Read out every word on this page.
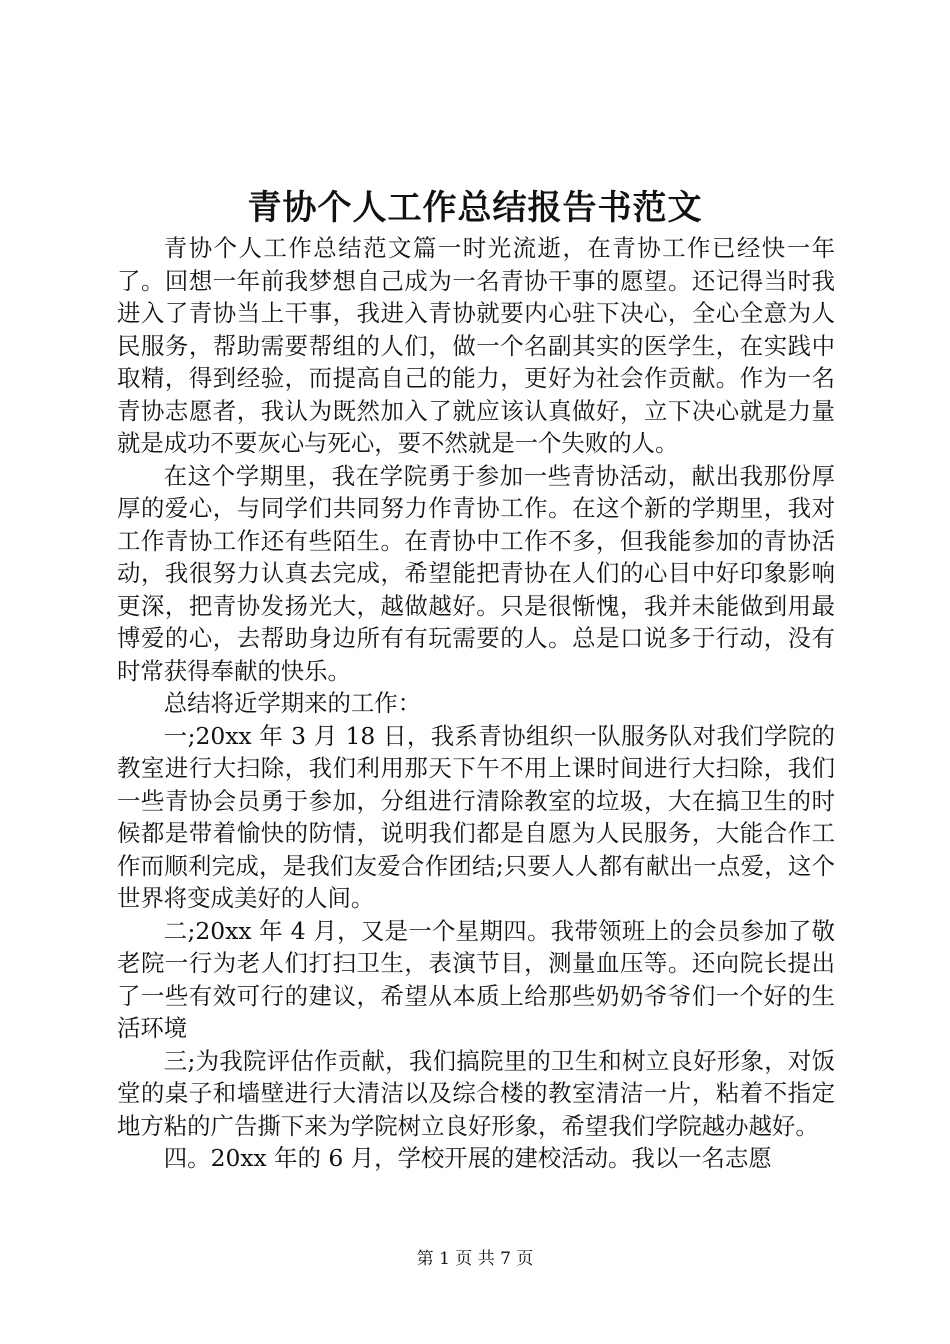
青协个人工作总结报告书范文

青协个人工作总结范文篇一时光流逝，在青协工作已经快一年了。回想一年前我梦想自己成为一名青协干事的愿望。还记得当时我进入了青协当上干事，我进入青协就要内心驻下决心，全心全意为人民服务，帮助需要帮组的人们，做一个名副其实的医学生，在实践中取精，得到经验，而提高自己的能力，更好为社会作贡献。作为一名青协志愿者，我认为既然加入了就应该认真做好，立下决心就是力量就是成功不要灰心与死心，要不然就是一个失败的人。

在这个学期里，我在学院勇于参加一些青协活动，献出我那份厚厚的爱心，与同学们共同努力作青协工作。在这个新的学期里，我对工作青协工作还有些陌生。在青协中工作不多，但我能参加的青协活动，我很努力认真去完成，希望能把青协在人们的心目中好印象影响更深，把青协发扬光大，越做越好。只是很惭愧，我并未能做到用最博爱的心，去帮助身边所有有玩需要的人。总是口说多于行动，没有时常获得奉献的快乐。

总结将近学期来的工作：

一;20xx 年 3 月 18 日，我系青协组织一队服务队对我们学院的教室进行大扫除，我们利用那天下午不用上课时间进行大扫除，我们一些青协会员勇于参加，分组进行清除教室的垃圾，大在搞卫生的时候都是带着愉快的防情，说明我们都是自愿为人民服务，大能合作工作而顺利完成，是我们友爱合作团结;只要人人都有献出一点爱，这个世界将变成美好的人间。

二;20xx 年 4 月，又是一个星期四。我带领班上的会员参加了敬老院一行为老人们打扫卫生，表演节目，测量血压等。还向院长提出了一些有效可行的建议，希望从本质上给那些奶奶爷爷们一个好的生活环境

三;为我院评估作贡献，我们搞院里的卫生和树立良好形象，对饭堂的桌子和墙壁进行大清洁以及综合楼的教室清洁一片，粘着不指定地方粘的广告撕下来为学院树立良好形象，希望我们学院越办越好。

四。20xx 年的 6 月，学校开展的建校活动。我以一名志愿

第 1 页 共 7 页
